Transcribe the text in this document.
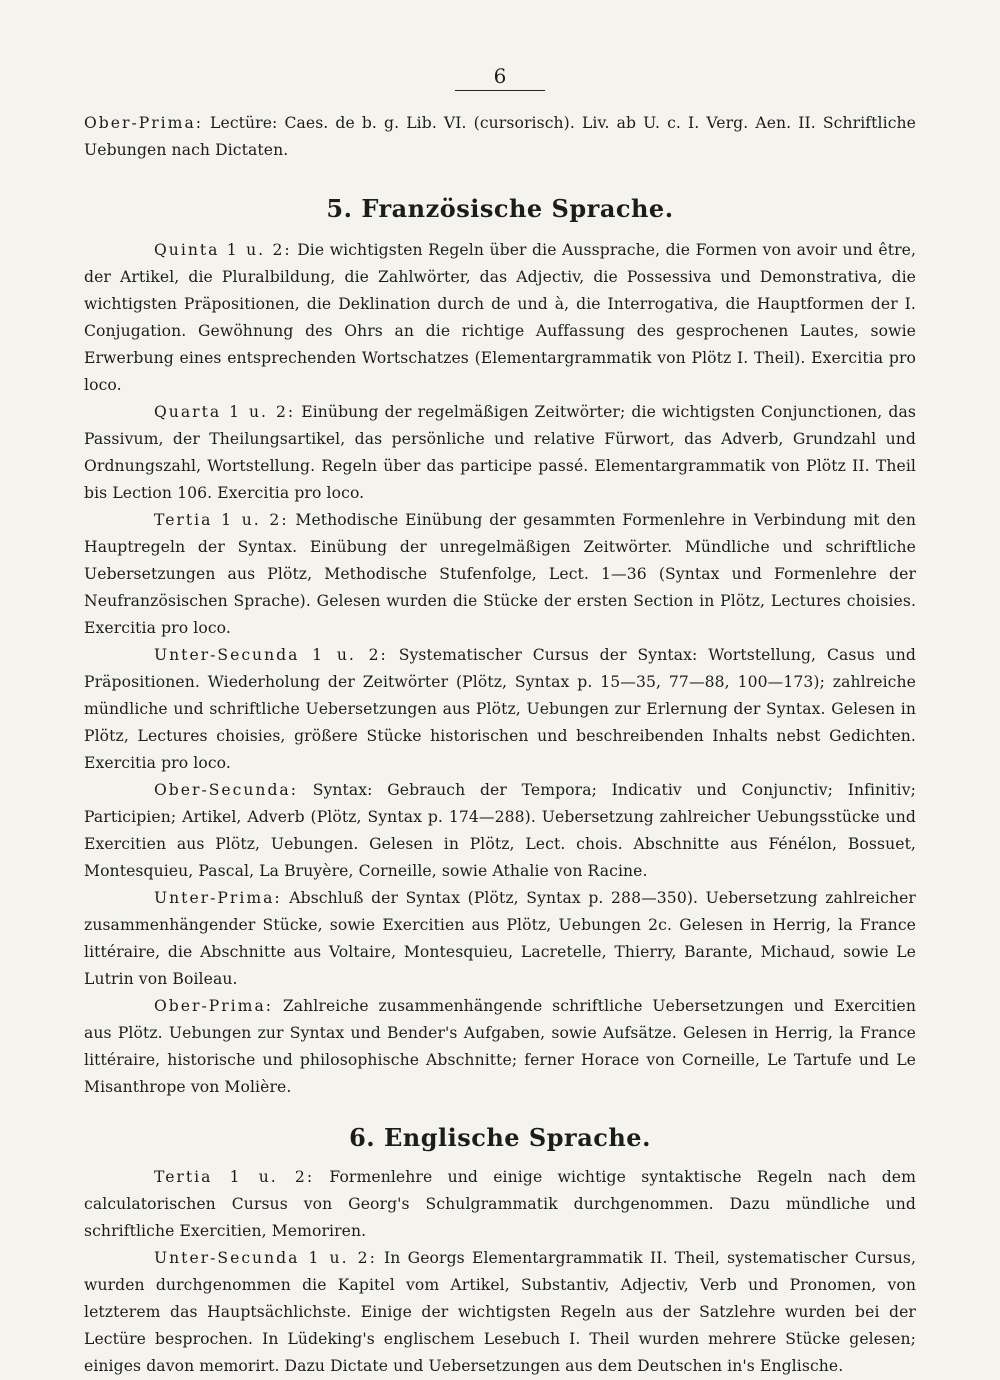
6

Ober-Prima: Lectüre: Caes. de b. g. Lib. VI. (cursorisch). Liv. ab U. c. I. Verg. Aen. II. Schriftliche Uebungen nach Dictaten.

5. Französische Sprache.

Quinta 1 u. 2: Die wichtigsten Regeln über die Aussprache, die Formen von avoir und être, der Artikel, die Pluralbildung, die Zahlwörter, das Adjectiv, die Possessiva und Demonstrativa, die wichtigsten Präpositionen, die Deklination durch de und à, die Interrogativa, die Hauptformen der I. Conjugation. Gewöhnung des Ohrs an die richtige Auffassung des gesprochenen Lautes, sowie Erwerbung eines entsprechenden Wortschatzes (Elementargrammatik von Plötz I. Theil). Exercitia pro loco.

Quarta 1 u. 2: Einübung der regelmäßigen Zeitwörter; die wichtigsten Conjunctionen, das Passivum, der Theilungsartikel, das persönliche und relative Fürwort, das Adverb, Grundzahl und Ordnungszahl, Wortstellung. Regeln über das participe passé. Elementargrammatik von Plötz II. Theil bis Lection 106. Exercitia pro loco.

Tertia 1 u. 2: Methodische Einübung der gesammten Formenlehre in Verbindung mit den Hauptregeln der Syntax. Einübung der unregelmäßigen Zeitwörter. Mündliche und schriftliche Uebersetzungen aus Plötz, Methodische Stufenfolge, Lect. 1—36 (Syntax und Formenlehre der Neufranzösischen Sprache). Gelesen wurden die Stücke der ersten Section in Plötz, Lectures choisies. Exercitia pro loco.

Unter-Secunda 1 u. 2: Systematischer Cursus der Syntax: Wortstellung, Casus und Präpositionen. Wiederholung der Zeitwörter (Plötz, Syntax p. 15—35, 77—88, 100—173); zahlreiche mündliche und schriftliche Uebersetzungen aus Plötz, Uebungen zur Erlernung der Syntax. Gelesen in Plötz, Lectures choisies, größere Stücke historischen und beschreibenden Inhalts nebst Gedichten. Exercitia pro loco.

Ober-Secunda: Syntax: Gebrauch der Tempora; Indicativ und Conjunctiv; Infinitiv; Participien; Artikel, Adverb (Plötz, Syntax p. 174—288). Uebersetzung zahlreicher Uebungsstücke und Exercitien aus Plötz, Uebungen. Gelesen in Plötz, Lect. chois. Abschnitte aus Fénélon, Bossuet, Montesquieu, Pascal, La Bruyère, Corneille, sowie Athalie von Racine.

Unter-Prima: Abschluß der Syntax (Plötz, Syntax p. 288—350). Uebersetzung zahlreicher zusammenhängender Stücke, sowie Exercitien aus Plötz, Uebungen 2c. Gelesen in Herrig, la France littéraire, die Abschnitte aus Voltaire, Montesquieu, Lacretelle, Thierry, Barante, Michaud, sowie Le Lutrin von Boileau.

Ober-Prima: Zahlreiche zusammenhängende schriftliche Uebersetzungen und Exercitien aus Plötz. Uebungen zur Syntax und Bender's Aufgaben, sowie Aufsätze. Gelesen in Herrig, la France littéraire, historische und philosophische Abschnitte; ferner Horace von Corneille, Le Tartufe und Le Misanthrope von Molière.

6. Englische Sprache.

Tertia 1 u. 2: Formenlehre und einige wichtige syntaktische Regeln nach dem calculatorischen Cursus von Georg's Schulgrammatik durchgenommen. Dazu mündliche und schriftliche Exercitien, Memoriren.

Unter-Secunda 1 u. 2: In Georgs Elementargrammatik II. Theil, systematischer Cursus, wurden durchgenommen die Kapitel vom Artikel, Substantiv, Adjectiv, Verb und Pronomen, von letzterem das Hauptsächlichste. Einige der wichtigsten Regeln aus der Satzlehre wurden bei der Lectüre besprochen. In Lüdeking's englischem Lesebuch I. Theil wurden mehrere Stücke gelesen; einiges davon memorirt. Dazu Dictate und Uebersetzungen aus dem Deutschen in's Englische.
